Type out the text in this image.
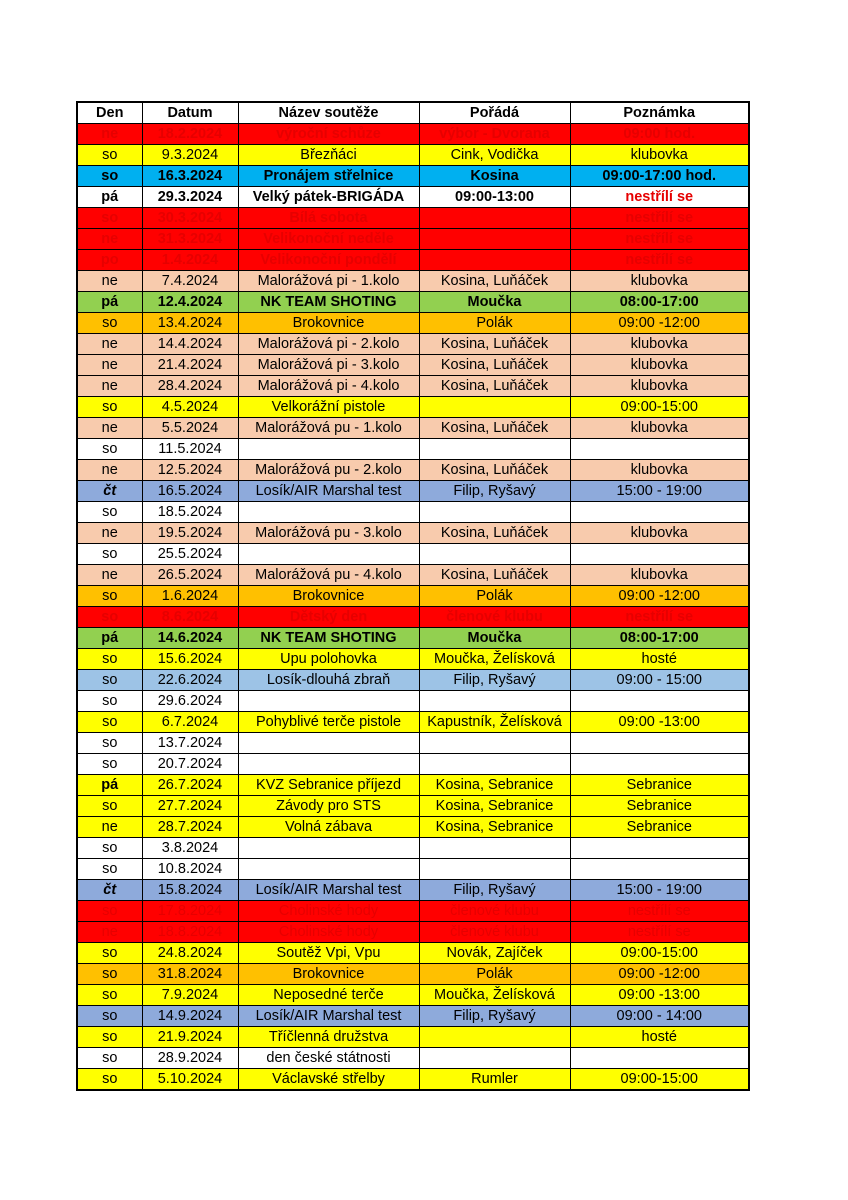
Den	Datum	Název soutěže	Pořádá	Poznámka
ne	18.2.2024	výroční schůze	výbor - Dvorana	09:00 hod.
so	9.3.2024	Březňáci	Cink, Vodička	klubovka
so	16.3.2024	Pronájem střelnice	Kosina	09:00-17:00 hod.
pá	29.3.2024	Velký pátek-BRIGÁDA	09:00-13:00	nestřílí se
so	30.3.2024	Bílá sobota		nestřílí se
ne	31.3.2024	Velikonoční neděle		nestřílí se
po	1.4.2024	Velikonoční pondělí		nestřílí se
ne	7.4.2024	Malorážová pi - 1.kolo	Kosina, Luňáček	klubovka
pá	12.4.2024	NK TEAM SHOTING	Moučka	08:00-17:00
so	13.4.2024	Brokovnice	Polák	09:00 -12:00
ne	14.4.2024	Malorážová pi - 2.kolo	Kosina, Luňáček	klubovka
ne	21.4.2024	Malorážová pi - 3.kolo	Kosina, Luňáček	klubovka
ne	28.4.2024	Malorážová pi - 4.kolo	Kosina, Luňáček	klubovka
so	4.5.2024	Velkorážní pistole		09:00-15:00
ne	5.5.2024	Malorážová pu - 1.kolo	Kosina, Luňáček	klubovka
so	11.5.2024			
ne	12.5.2024	Malorážová pu - 2.kolo	Kosina, Luňáček	klubovka
čt	16.5.2024	Losík/AIR Marshal test	Filip, Ryšavý	15:00 - 19:00
so	18.5.2024			
ne	19.5.2024	Malorážová pu - 3.kolo	Kosina, Luňáček	klubovka
so	25.5.2024			
ne	26.5.2024	Malorážová pu - 4.kolo	Kosina, Luňáček	klubovka
so	1.6.2024	Brokovnice	Polák	09:00 -12:00
so	8.6.2024	Dětský den	členové klubu	nestřílí se
pá	14.6.2024	NK TEAM SHOTING	Moučka	08:00-17:00
so	15.6.2024	Upu polohovka	Moučka, Želísková	hosté
so	22.6.2024	Losík-dlouhá zbraň	Filip, Ryšavý	09:00 - 15:00
so	29.6.2024			
so	6.7.2024	Pohyblivé terče pistole	Kapustník, Želísková	09:00 -13:00
so	13.7.2024			
so	20.7.2024			
pá	26.7.2024	KVZ Sebranice příjezd	Kosina, Sebranice	Sebranice
so	27.7.2024	Závody pro STS	Kosina, Sebranice	Sebranice
ne	28.7.2024	Volná zábava	Kosina, Sebranice	Sebranice
so	3.8.2024			
so	10.8.2024			
čt	15.8.2024	Losík/AIR Marshal test	Filip, Ryšavý	15:00 - 19:00
so	17.8.2024	Cholinské hody	členové klubu	nestřílí se
ne	18.8.2024	Cholinské hody	členové klubu	nestřílí se
so	24.8.2024	Soutěž Vpi, Vpu	Novák, Zajíček	09:00-15:00
so	31.8.2024	Brokovnice	Polák	09:00 -12:00
so	7.9.2024	Neposedné terče	Moučka, Želísková	09:00 -13:00
so	14.9.2024	Losík/AIR Marshal test	Filip, Ryšavý	09:00 - 14:00
so	21.9.2024	Tříčlenná družstva		hosté
so	28.9.2024	den české státnosti		
so	5.10.2024	Václavské střelby	Rumler	09:00-15:00
